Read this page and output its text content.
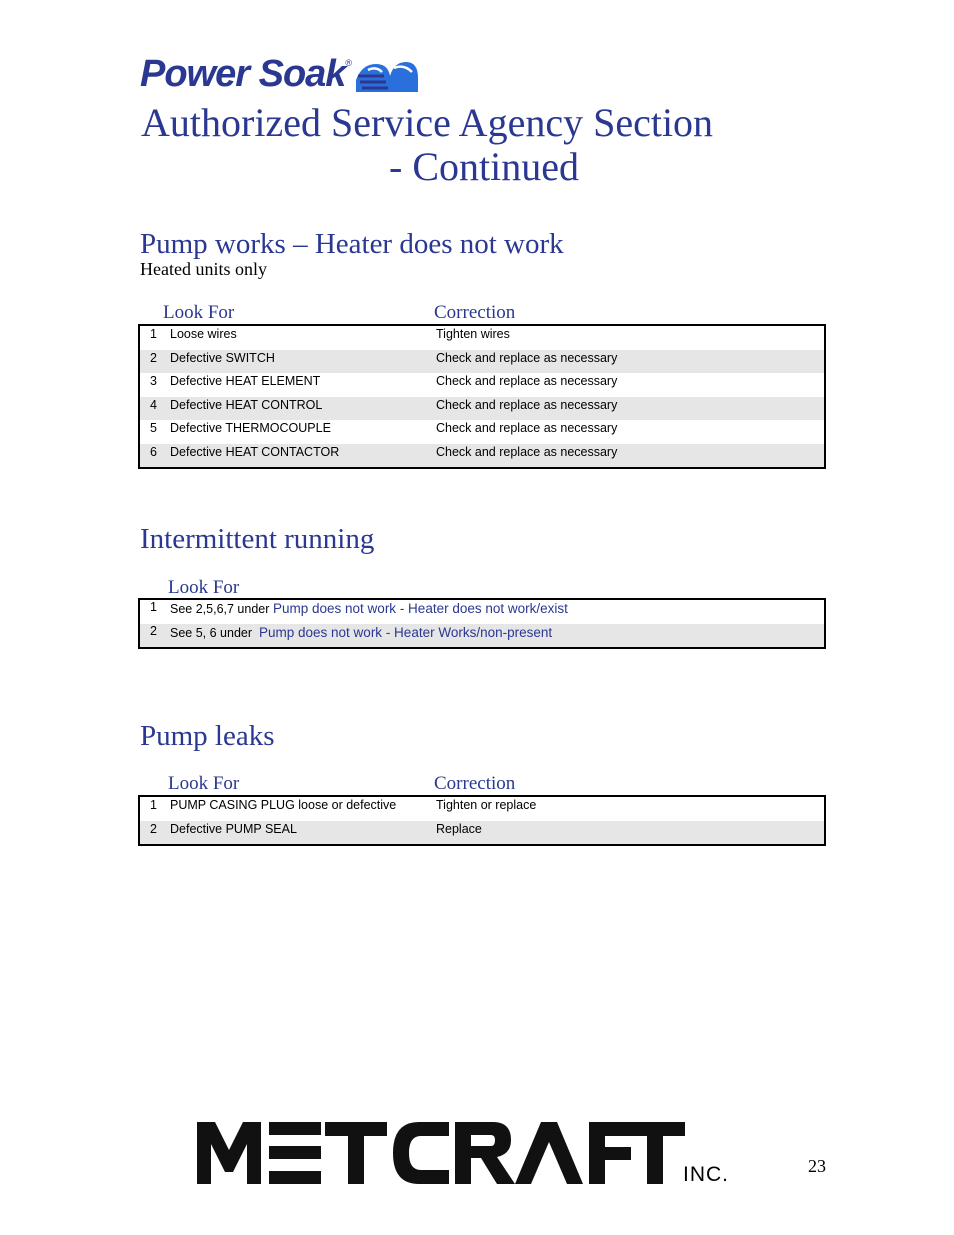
Power Soak ®
Authorized Service Agency Section
- Continued
Pump works – Heater does not work
Heated units only
Look For	Correction
1 Loose wires	Tighten wires
2 Defective SWITCH	Check and replace as necessary
3 Defective HEAT ELEMENT	Check and replace as necessary
4 Defective HEAT CONTROL	Check and replace as necessary
5 Defective THERMOCOUPLE	Check and replace as necessary
6 Defective HEAT CONTACTOR	Check and replace as necessary
Intermittent running
Look For
1 See 2,5,6,7 under Pump does not work - Heater does not work/exist
2 See 5, 6 under Pump does not work - Heater Works/non-present
Pump leaks
Look For	Correction
1 PUMP CASING PLUG loose or defective	Tighten or replace
2 Defective PUMP SEAL	Replace
INC.	23
